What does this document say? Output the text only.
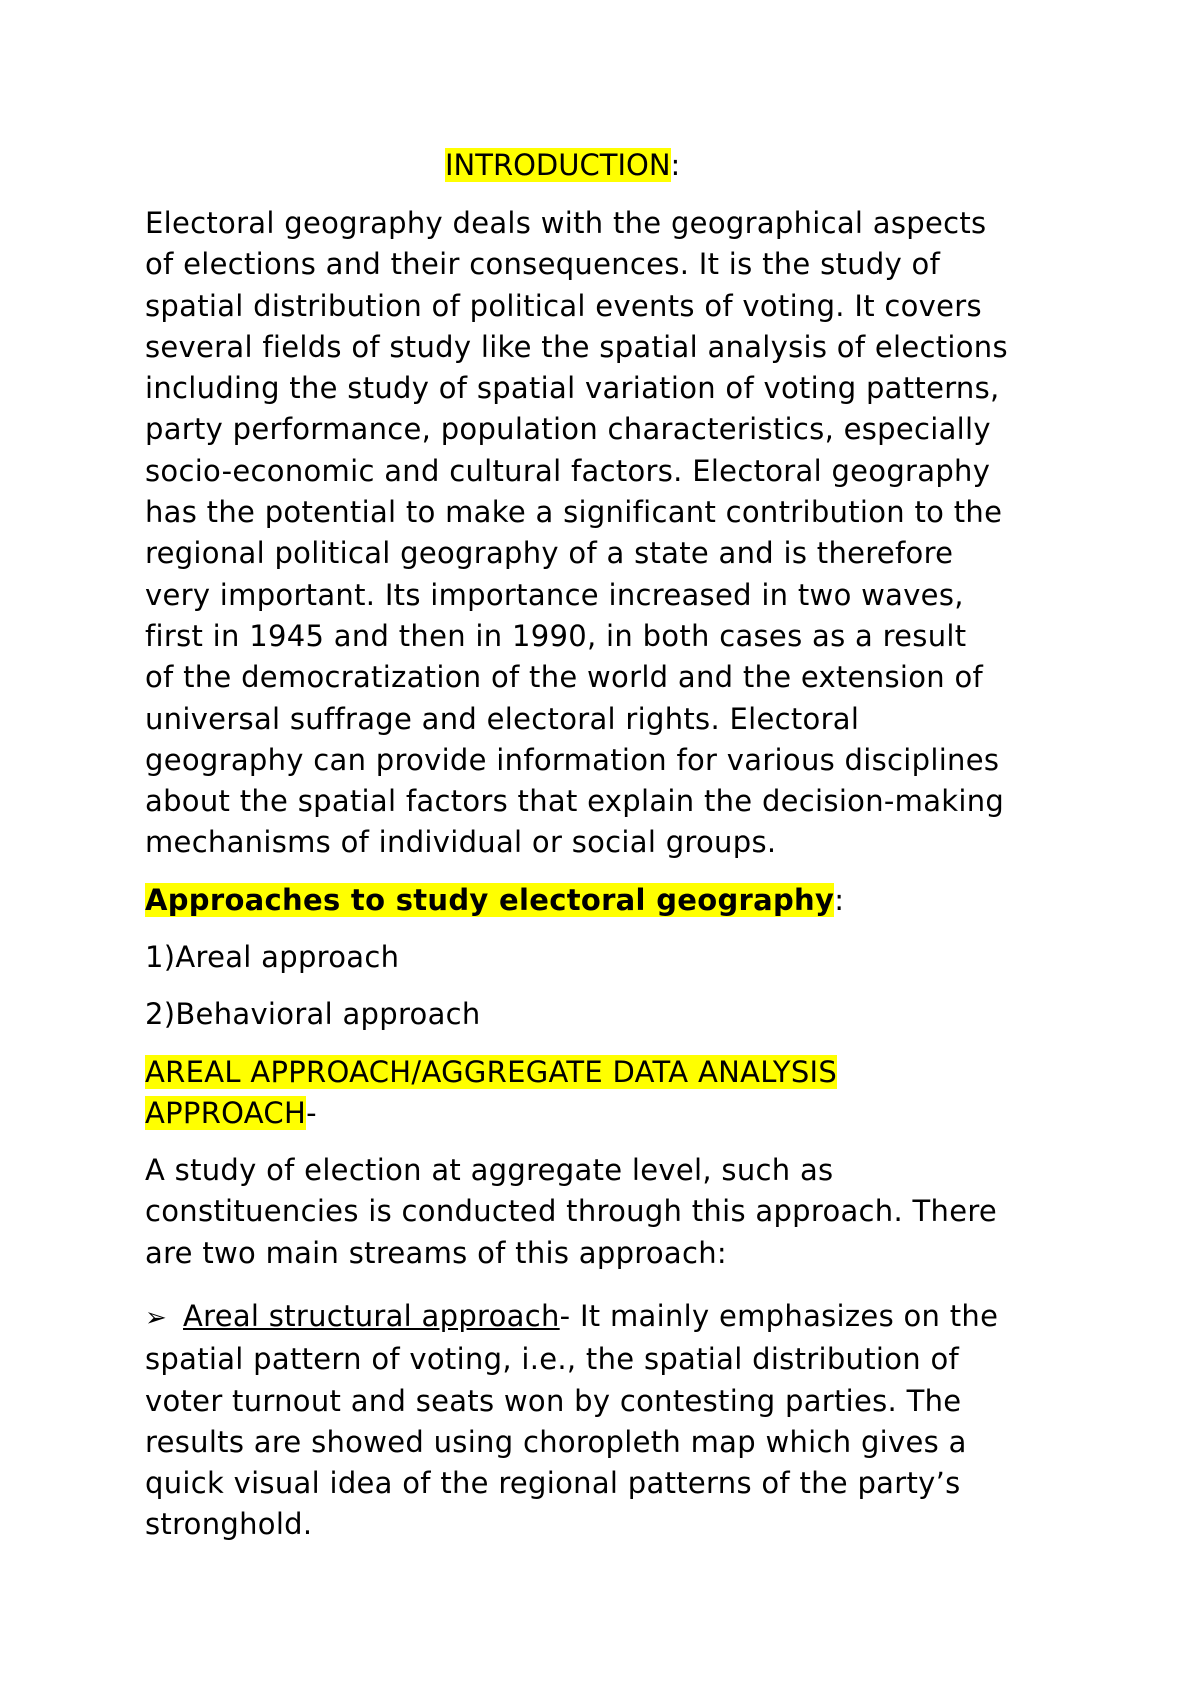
INTRODUCTION:

Electoral geography deals with the geographical aspects
of elections and their consequences. It is the study of
spatial distribution of political events of voting. It covers
several fields of study like the spatial analysis of elections
including the study of spatial variation of voting patterns,
party performance, population characteristics, especially
socio-economic and cultural factors. Electoral geography
has the potential to make a significant contribution to the
regional political geography of a state and is therefore
very important. Its importance increased in two waves,
first in 1945 and then in 1990, in both cases as a result
of the democratization of the world and the extension of
universal suffrage and electoral rights. Electoral
geography can provide information for various disciplines
about the spatial factors that explain the decision-making
mechanisms of individual or social groups.
Approaches to study electoral geography:
1)Areal approach
2)Behavioral approach
AREAL APPROACH/AGGREGATE DATA ANALYSIS
APPROACH-
A study of election at aggregate level, such as
constituencies is conducted through this approach. There
are two main streams of this approach:
➢ Areal structural approach- It mainly emphasizes on the
spatial pattern of voting, i.e., the spatial distribution of
voter turnout and seats won by contesting parties. The
results are showed using choropleth map which gives a
quick visual idea of the regional patterns of the party’s
stronghold.
